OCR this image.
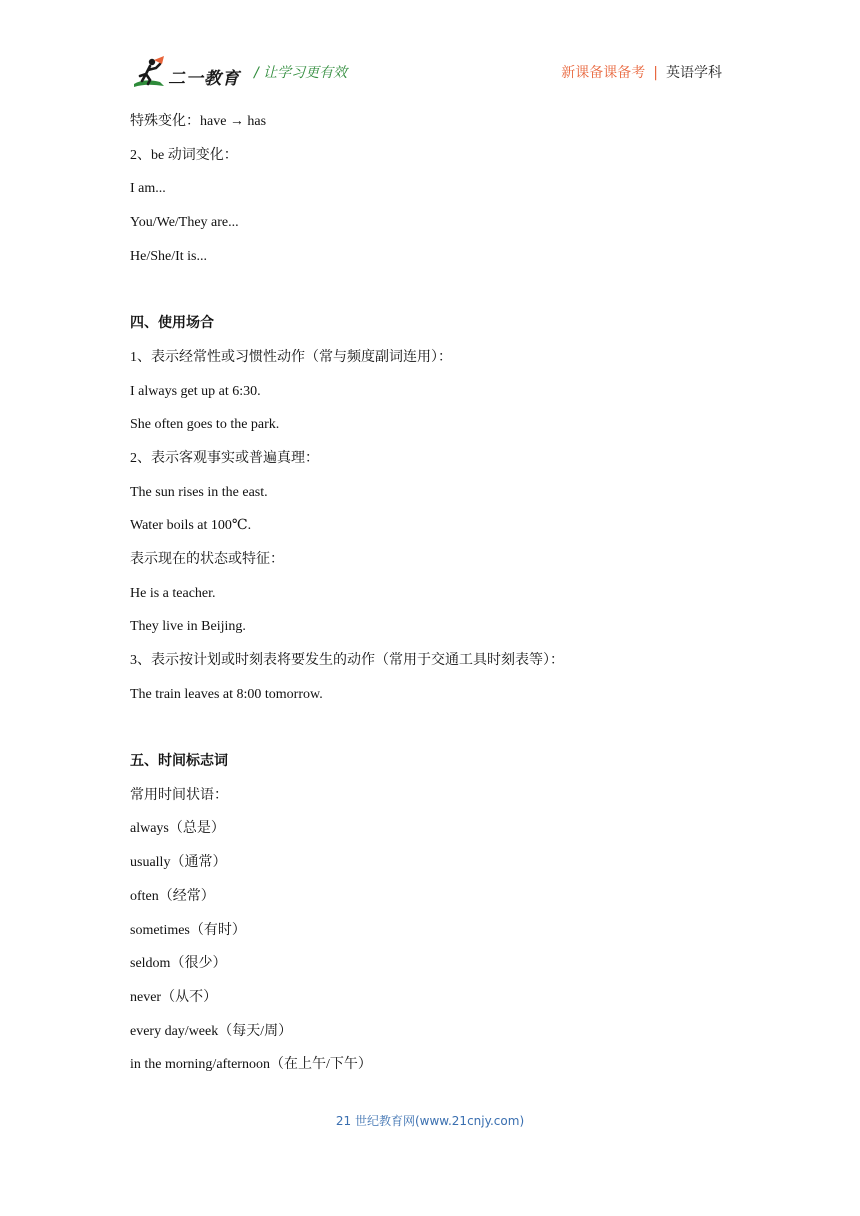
二一教育 / 让学习更有效	新课备课备考 | 英语学科
特殊变化：have → has
2、be 动词变化：
I am...
You/We/They are...
He/She/It is...
四、使用场合
1、表示经常性或习惯性动作（常与频度副词连用）：
I always get up at 6:30.
She often goes to the park.
2、表示客观事实或普遍真理：
The sun rises in the east.
Water boils at 100℃.
表示现在的状态或特征：
He is a teacher.
They live in Beijing.
3、表示按计划或时刻表将要发生的动作（常用于交通工具时刻表等）：
The train leaves at 8:00 tomorrow.
五、时间标志词
常用时间状语：
always（总是）
usually（通常）
often（经常）
sometimes（有时）
seldom（很少）
never（从不）
every day/week（每天/周）
in the morning/afternoon（在上午/下午）
21 世纪教育网(www.21cnjy.com)
